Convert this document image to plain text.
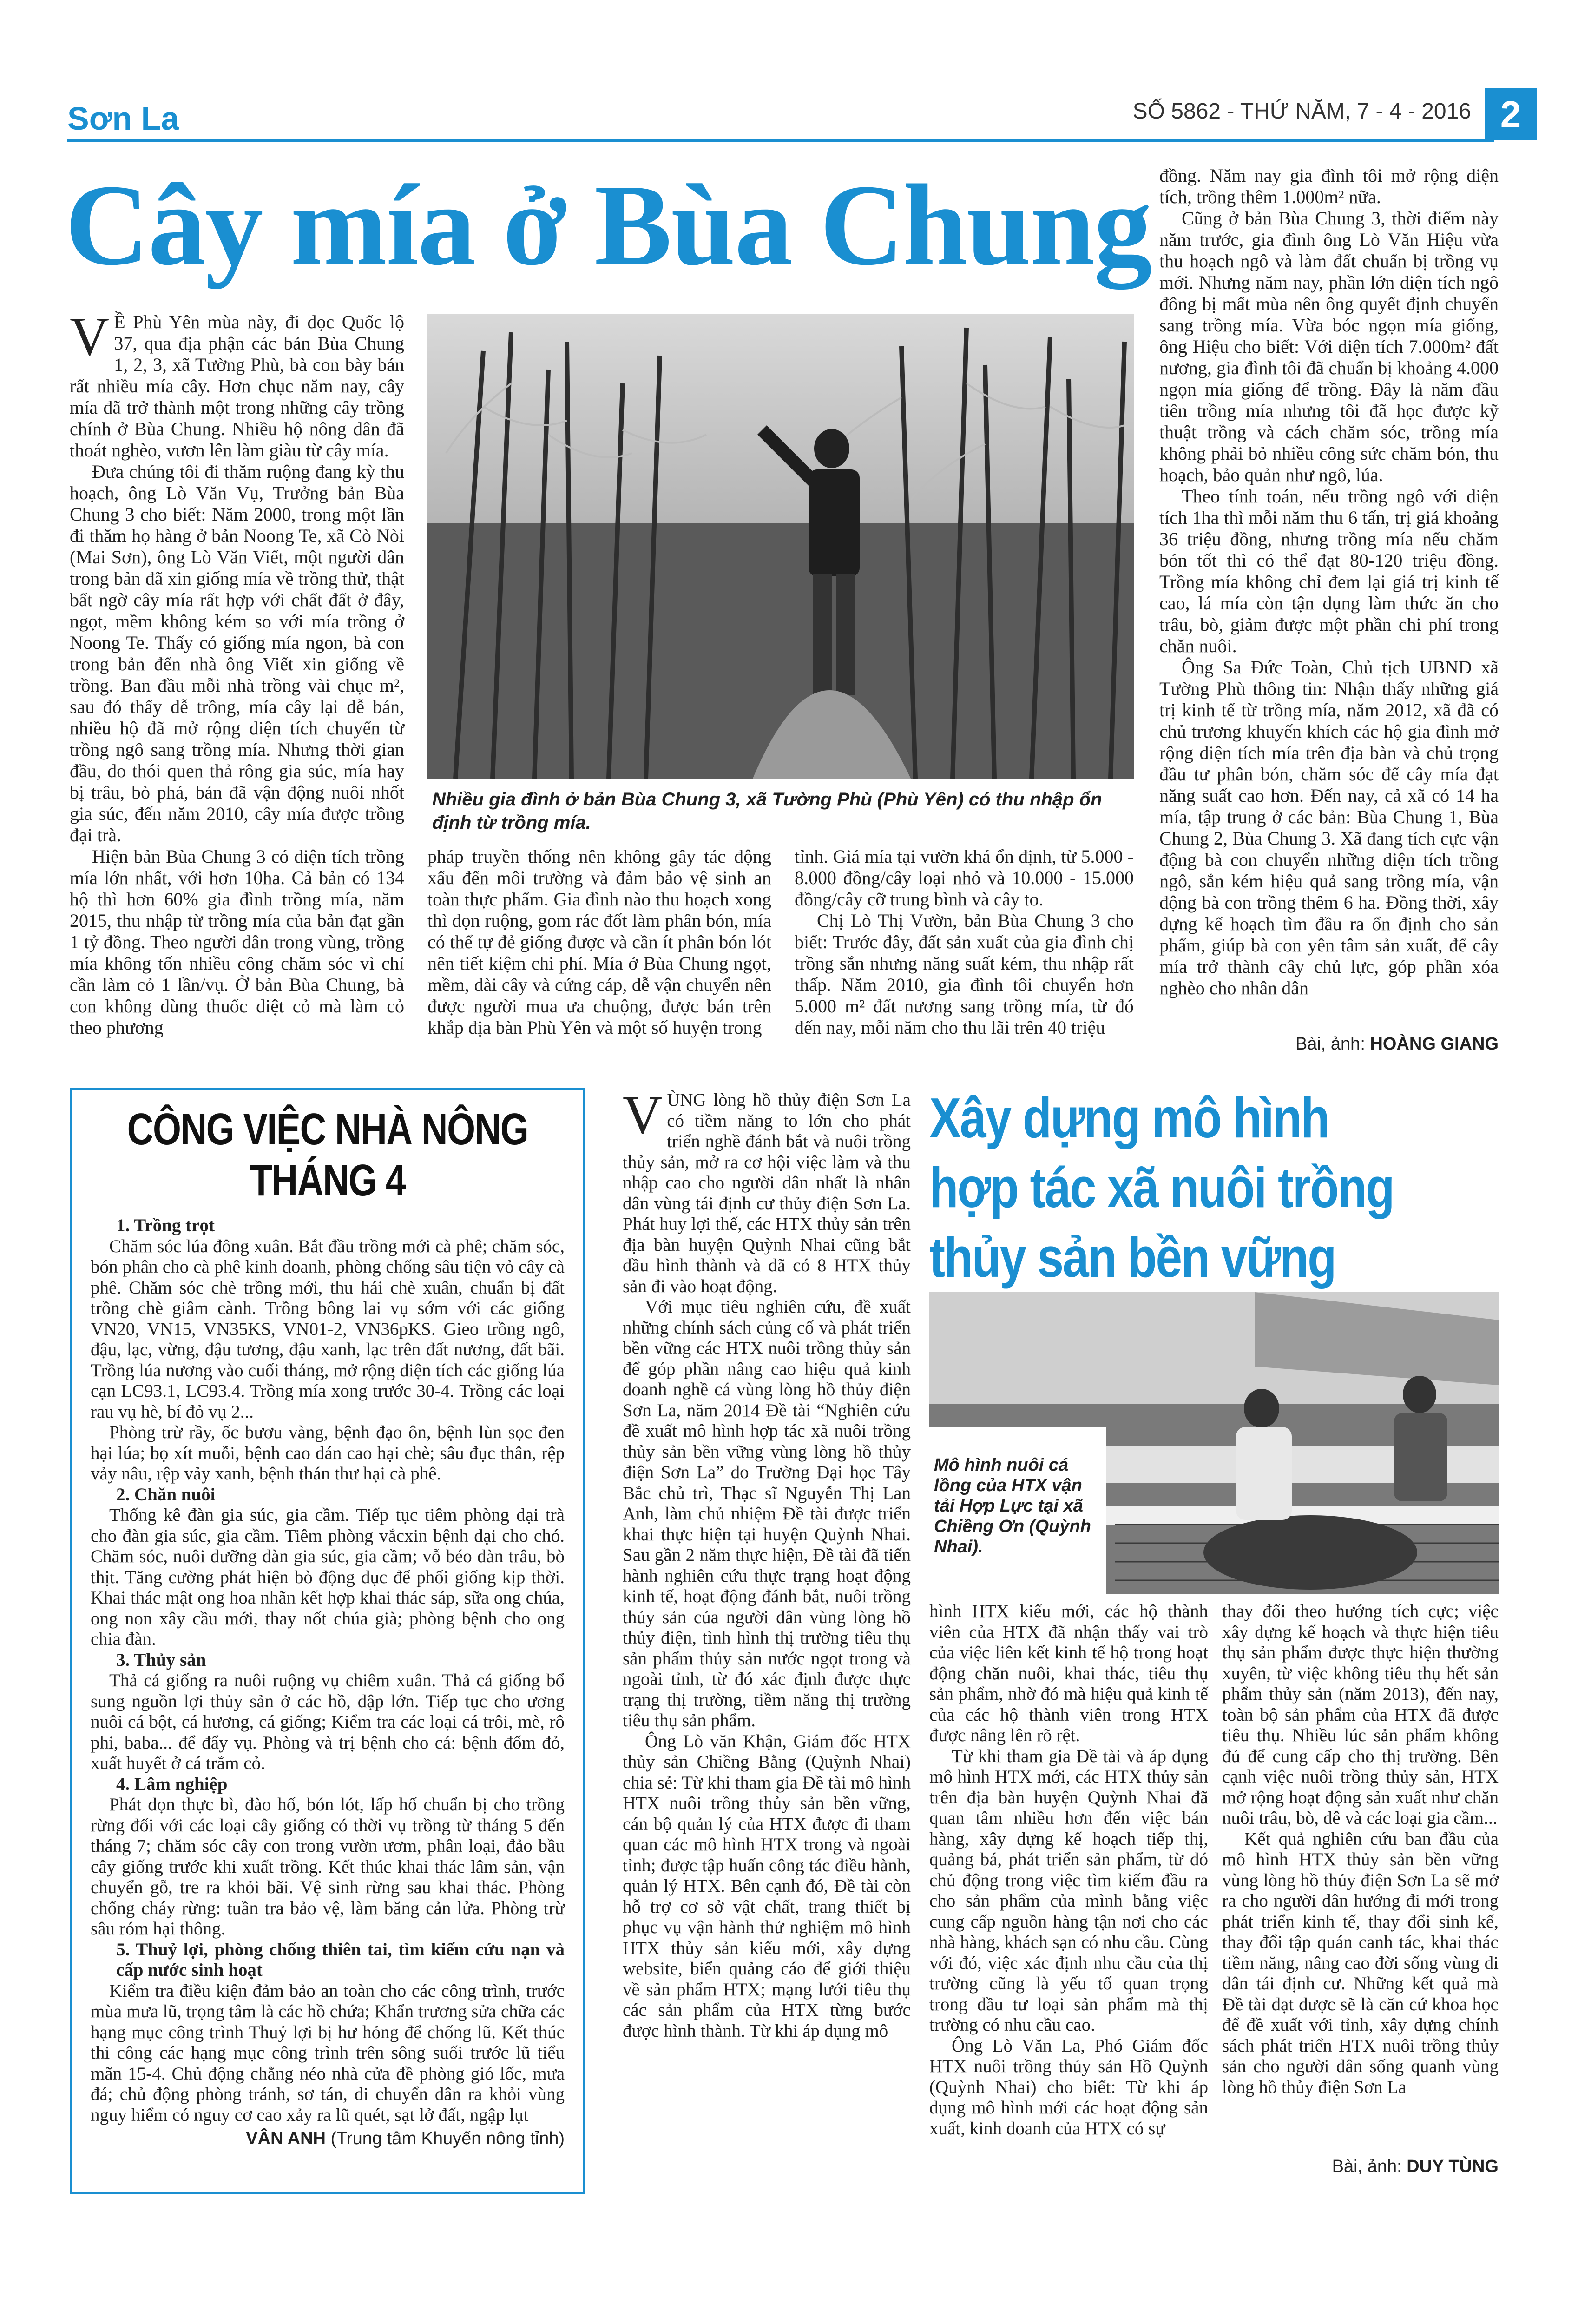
Sơn La	SỐ 5862 - THỨ NĂM, 7 - 4 - 2016 2
Cây mía ở Bùa Chung

V Ề Phù Yên mùa này, đi dọc Quốc lộ 37, qua địa phận các bản Bùa Chung 1, 2, 3, xã Tường Phù, bà con bày bán rất nhiều mía cây. Hơn chục năm nay, cây mía đã trở thành một trong những cây trồng chính ở Bùa Chung. Nhiều hộ nông dân đã thoát nghèo, vươn lên làm giàu từ cây mía.

Đưa chúng tôi đi thăm ruộng đang kỳ thu hoạch, ông Lò Văn Vụ, Trưởng bản Bùa Chung 3 cho biết: Năm 2000, trong một lần đi thăm họ hàng ở bản Noong Te, xã Cò Nòi (Mai Sơn), ông Lò Văn Viết, một người dân trong bản đã xin giống mía về trồng thử, thật bất ngờ cây mía rất hợp với chất đất ở đây, ngọt, mềm không kém so với mía trồng ở Noong Te. Thấy có giống mía ngon, bà con trong bản đến nhà ông Viết xin giống về trồng. Ban đầu mỗi nhà trồng vài chục m², sau đó thấy dễ trồng, mía cây lại dễ bán, nhiều hộ đã mở rộng diện tích chuyển từ trồng ngô sang trồng mía. Nhưng thời gian đầu, do thói quen thả rông gia súc, mía hay bị trâu, bò phá, bản đã vận động nuôi nhốt gia súc, đến năm 2010, cây mía được trồng đại trà.

Hiện bản Bùa Chung 3 có diện tích trồng mía lớn nhất, với hơn 10ha. Cả bản có 134 hộ thì hơn 60% gia đình trồng mía, năm 2015, thu nhập từ trồng mía của bản đạt gần 1 tỷ đồng. Theo người dân trong vùng, trồng mía không tốn nhiều công chăm sóc vì chỉ cần làm cỏ 1 lần/vụ. Ở bản Bùa Chung, bà con không dùng thuốc diệt cỏ mà làm cỏ theo phương

Nhiều gia đình ở bản Bùa Chung 3, xã Tường Phù (Phù Yên) có thu nhập ổn định từ trồng mía.

pháp truyền thống nên không gây tác động xấu đến môi trường và đảm bảo vệ sinh an toàn thực phẩm. Gia đình nào thu hoạch xong thì dọn ruộng, gom rác đốt làm phân bón, mía có thể tự đẻ giống được và cần ít phân bón lót nên tiết kiệm chi phí. Mía ở Bùa Chung ngọt, mềm, dài cây và cứng cáp, dễ vận chuyển nên được người mua ưa chuộng, được bán trên khắp địa bàn Phù Yên và một số huyện trong

tỉnh. Giá mía tại vườn khá ổn định, từ 5.000 - 8.000 đồng/cây loại nhỏ và 10.000 - 15.000 đồng/cây cỡ trung bình và cây to.

Chị Lò Thị Vườn, bản Bùa Chung 3 cho biết: Trước đây, đất sản xuất của gia đình chị trồng sắn nhưng năng suất kém, thu nhập rất thấp. Năm 2010, gia đình tôi chuyển hơn 5.000 m² đất nương sang trồng mía, từ đó đến nay, mỗi năm cho thu lãi trên 40 triệu

đồng. Năm nay gia đình tôi mở rộng diện tích, trồng thêm 1.000m² nữa.

Cũng ở bản Bùa Chung 3, thời điểm này năm trước, gia đình ông Lò Văn Hiệu vừa thu hoạch ngô và làm đất chuẩn bị trồng vụ mới. Nhưng năm nay, phần lớn diện tích ngô đông bị mất mùa nên ông quyết định chuyển sang trồng mía. Vừa bóc ngọn mía giống, ông Hiệu cho biết: Với diện tích 7.000m² đất nương, gia đình tôi đã chuẩn bị khoảng 4.000 ngọn mía giống để trồng. Đây là năm đầu tiên trồng mía nhưng tôi đã học được kỹ thuật trồng và cách chăm sóc, trồng mía không phải bỏ nhiều công sức chăm bón, thu hoạch, bảo quản như ngô, lúa.

Theo tính toán, nếu trồng ngô với diện tích 1ha thì mỗi năm thu 6 tấn, trị giá khoảng 36 triệu đồng, nhưng trồng mía nếu chăm bón tốt thì có thể đạt 80-120 triệu đồng. Trồng mía không chỉ đem lại giá trị kinh tế cao, lá mía còn tận dụng làm thức ăn cho trâu, bò, giảm được một phần chi phí trong chăn nuôi.

Ông Sa Đức Toàn, Chủ tịch UBND xã Tường Phù thông tin: Nhận thấy những giá trị kinh tế từ trồng mía, năm 2012, xã đã có chủ trương khuyến khích các hộ gia đình mở rộng diện tích mía trên địa bàn và chủ trọng đầu tư phân bón, chăm sóc để cây mía đạt năng suất cao hơn. Đến nay, cả xã có 14 ha mía, tập trung ở các bản: Bùa Chung 1, Bùa Chung 2, Bùa Chung 3. Xã đang tích cực vận động bà con chuyển những diện tích trồng ngô, sắn kém hiệu quả sang trồng mía, vận động bà con trồng thêm 6 ha. Đồng thời, xây dựng kế hoạch tìm đầu ra ổn định cho sản phẩm, giúp bà con yên tâm sản xuất, để cây mía trở thành cây chủ lực, góp phần xóa nghèo cho nhân dân

Bài, ảnh: HOÀNG GIANG
CÔNG VIỆC NHÀ NÔNG THÁNG 4
1. Trồng trọt

Chăm sóc lúa đông xuân. Bắt đầu trồng mới cà phê; chăm sóc, bón phân cho cà phê kinh doanh, phòng chống sâu tiện vỏ cây cà phê. Chăm sóc chè trồng mới, thu hái chè xuân, chuẩn bị đất trồng chè giâm cành. Trồng bông lai vụ sớm với các giống VN20, VN15, VN35KS, VN01-2, VN36pKS. Gieo trồng ngô, đậu, lạc, vừng, đậu tương, đậu xanh, lạc trên đất nương, đất bãi. Trồng lúa nương vào cuối tháng, mở rộng diện tích các giống lúa cạn LC93.1, LC93.4. Trồng mía xong trước 30-4. Trồng các loại rau vụ hè, bí đỏ vụ 2...

Phòng trừ rầy, ốc bươu vàng, bệnh đạo ôn, bệnh lùn sọc đen hại lúa; bọ xít muỗi, bệnh cao dán cao hại chè; sâu đục thân, rệp vảy nâu, rệp vảy xanh, bệnh thán thư hại cà phê.

2. Chăn nuôi

Thống kê đàn gia súc, gia cầm. Tiếp tục tiêm phòng dại trà cho đàn gia súc, gia cầm. Tiêm phòng vắcxin bệnh dại cho chó. Chăm sóc, nuôi dưỡng đàn gia súc, gia cầm; vỗ béo đàn trâu, bò thịt. Tăng cường phát hiện bò động dục để phối giống kịp thời. Khai thác mật ong hoa nhãn kết hợp khai thác sáp, sữa ong chúa, ong non xây cầu mới, thay nốt chúa già; phòng bệnh cho ong chia đàn.

3. Thủy sản

Thả cá giống ra nuôi ruộng vụ chiêm xuân. Thả cá giống bổ sung nguồn lợi thủy sản ở các hồ, đập lớn. Tiếp tục cho ương nuôi cá bột, cá hương, cá giống; Kiểm tra các loại cá trôi, mè, rô phi, baba... để đẩy vụ. Phòng và trị bệnh cho cá: bệnh đốm đỏ, xuất huyết ở cá trắm cỏ.

4. Lâm nghiệp

Phát dọn thực bì, đào hố, bón lót, lấp hố chuẩn bị cho trồng rừng đối với các loại cây giống có thời vụ trồng từ tháng 5 đến tháng 7; chăm sóc cây con trong vườn ươm, phân loại, đảo bầu cây giống trước khi xuất trồng. Kết thúc khai thác lâm sản, vận chuyển gỗ, tre ra khỏi bãi. Vệ sinh rừng sau khai thác. Phòng chống cháy rừng: tuần tra bảo vệ, làm băng cản lửa. Phòng trừ sâu róm hại thông.

5. Thuỷ lợi, phòng chống thiên tai, tìm kiếm cứu nạn và cấp nước sinh hoạt

Kiểm tra điều kiện đảm bảo an toàn cho các công trình, trước mùa mưa lũ, trọng tâm là các hồ chứa; Khẩn trương sửa chữa các hạng mục công trình Thuỷ lợi bị hư hỏng để chống lũ. Kết thúc thi công các hạng mục công trình trên sông suối trước lũ tiểu mãn 15-4. Chủ động chằng néo nhà cửa đề phòng gió lốc, mưa đá; chủ động phòng tránh, sơ tán, di chuyển dân ra khỏi vùng nguy hiểm có nguy cơ cao xảy ra lũ quét, sạt lở đất, ngập lụt

VÂN ANH (Trung tâm Khuyến nông tỉnh)

VÙNG lòng hồ thủy điện Sơn La có tiềm năng to lớn cho phát triển nghề đánh bắt và nuôi trồng thủy sản, mở ra cơ hội việc làm và thu nhập cao cho người dân nhất là nhân dân vùng tái định cư thủy điện Sơn La. Phát huy lợi thế, các HTX thủy sản trên địa bàn huyện Quỳnh Nhai cũng bắt đầu hình thành và đã có 8 HTX thủy sản đi vào hoạt động.

Với mục tiêu nghiên cứu, đề xuất những chính sách củng cố và phát triển bền vững các HTX nuôi trồng thủy sản để góp phần nâng cao hiệu quả kinh doanh nghề cá vùng lòng hồ thủy điện Sơn La, năm 2014 Đề tài “Nghiên cứu đề xuất mô hình hợp tác xã nuôi trồng thủy sản bền vững vùng lòng hồ thủy điện Sơn La” do Trường Đại học Tây Bắc chủ trì, Thạc sĩ Nguyễn Thị Lan Anh, làm chủ nhiệm Đề tài được triển khai thực hiện tại huyện Quỳnh Nhai. Sau gần 2 năm thực hiện, Đề tài đã tiến hành nghiên cứu thực trạng hoạt động kinh tế, hoạt động đánh bắt, nuôi trồng thủy sản của người dân vùng lòng hồ thủy điện, tình hình thị trường tiêu thụ sản phẩm thủy sản nước ngọt trong và ngoài tỉnh, từ đó xác định được thực trạng thị trường, tiềm năng thị trường tiêu thụ sản phẩm.

Ông Lò văn Khận, Giám đốc HTX thủy sản Chiềng Bằng (Quỳnh Nhai) chia sẻ: Từ khi tham gia Đề tài mô hình HTX nuôi trồng thủy sản bền vững, cán bộ quản lý của HTX được đi tham quan các mô hình HTX trong và ngoài tỉnh; được tập huấn công tác điều hành, quản lý HTX. Bên cạnh đó, Đề tài còn hỗ trợ cơ sở vật chất, trang thiết bị phục vụ vận hành thử nghiệm mô hình HTX thủy sản kiểu mới, xây dựng website, biển quảng cáo để giới thiệu về sản phẩm HTX; mạng lưới tiêu thụ các sản phẩm của HTX từng bước được hình thành. Từ khi áp dụng mô

Xây dựng mô hình hợp tác xã nuôi trồng thủy sản bền vững
Mô hình nuôi cá lồng của HTX vận tải Hợp Lực tại xã Chiềng Ơn (Quỳnh Nhai).

hình HTX kiểu mới, các hộ thành viên của HTX đã nhận thấy vai trò của việc liên kết kinh tế hộ trong hoạt động chăn nuôi, khai thác, tiêu thụ sản phẩm, nhờ đó mà hiệu quả kinh tế của các hộ thành viên trong HTX được nâng lên rõ rệt.

Từ khi tham gia Đề tài và áp dụng mô hình HTX mới, các HTX thủy sản trên địa bàn huyện Quỳnh Nhai đã quan tâm nhiều hơn đến việc bán hàng, xây dựng kế hoạch tiếp thị, quảng bá, phát triển sản phẩm, từ đó chủ động trong việc tìm kiếm đầu ra cho sản phẩm của mình bằng việc cung cấp nguồn hàng tận nơi cho các nhà hàng, khách sạn có nhu cầu. Cùng với đó, việc xác định nhu cầu của thị trường cũng là yếu tố quan trọng trong đầu tư loại sản phẩm mà thị trường có nhu cầu cao.

Ông Lò Văn La, Phó Giám đốc HTX nuôi trồng thủy sản Hồ Quỳnh (Quỳnh Nhai) cho biết: Từ khi áp dụng mô hình mới các hoạt động sản xuất, kinh doanh của HTX có sự

thay đổi theo hướng tích cực; việc xây dựng kế hoạch và thực hiện tiêu thụ sản phẩm được thực hiện thường xuyên, từ việc không tiêu thụ hết sản phẩm thủy sản (năm 2013), đến nay, toàn bộ sản phẩm của HTX đã được tiêu thụ. Nhiều lúc sản phẩm không đủ để cung cấp cho thị trường. Bên cạnh việc nuôi trồng thủy sản, HTX mở rộng hoạt động sản xuất như chăn nuôi trâu, bò, dê và các loại gia cầm...

Kết quả nghiên cứu ban đầu của mô hình HTX thủy sản bền vững vùng lòng hồ thủy điện Sơn La sẽ mở ra cho người dân hướng đi mới trong phát triển kinh tế, thay đổi sinh kế, thay đổi tập quán canh tác, khai thác tiềm năng, nâng cao đời sống vùng di dân tái định cư. Những kết quả mà Đề tài đạt được sẽ là căn cứ khoa học để đề xuất với tỉnh, xây dựng chính sách phát triển HTX nuôi trồng thủy sản cho người dân sống quanh vùng lòng hồ thủy điện Sơn La

Bài, ảnh: DUY TÙNG
